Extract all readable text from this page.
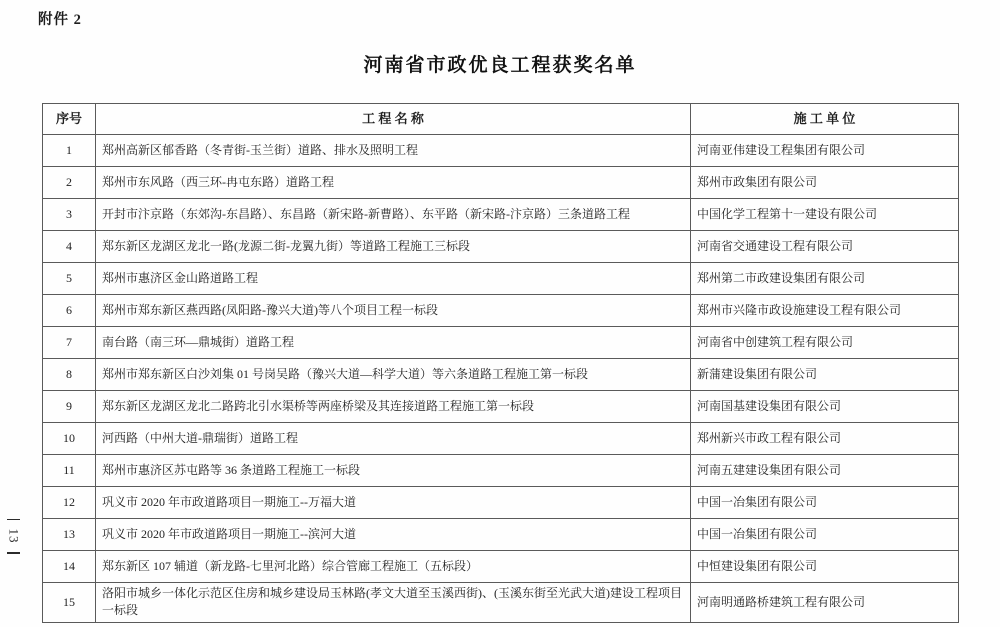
附件 2
河南省市政优良工程获奖名单
序号	工 程 名 称	施 工 单 位
1	郑州高新区郁香路（冬青街-玉兰街）道路、排水及照明工程	河南亚伟建设工程集团有限公司
2	郑州市东风路（西三环-冉屯东路）道路工程	郑州市政集团有限公司
3	开封市汴京路（东郊沟-东昌路）、东昌路（新宋路-新曹路）、东平路（新宋路-汴京路）三条道路工程	中国化学工程第十一建设有限公司
4	郑东新区龙湖区龙北一路(龙源二街-龙翼九街）等道路工程施工三标段	河南省交通建设工程有限公司
5	郑州市惠济区金山路道路工程	郑州第二市政建设集团有限公司
6	郑州市郑东新区燕西路(凤阳路-豫兴大道)等八个项目工程一标段	郑州市兴隆市政设施建设工程有限公司
7	南台路（南三环—鼎城街）道路工程	河南省中创建筑工程有限公司
8	郑州市郑东新区白沙刘集 01 号岗吴路（豫兴大道—科学大道）等六条道路工程施工第一标段	新蒲建设集团有限公司
9	郑东新区龙湖区龙北二路跨北引水渠桥等两座桥梁及其连接道路工程施工第一标段	河南国基建设集团有限公司
10	河西路（中州大道-鼎瑞街）道路工程	郑州新兴市政工程有限公司
11	郑州市惠济区苏屯路等 36 条道路工程施工一标段	河南五建建设集团有限公司
12	巩义市 2020 年市政道路项目一期施工--万福大道	中国一冶集团有限公司
13	巩义市 2020 年市政道路项目一期施工--滨河大道	中国一冶集团有限公司
14	郑东新区 107 辅道（新龙路-七里河北路）综合管廊工程施工（五标段）	中恒建设集团有限公司
15	洛阳市城乡一体化示范区住房和城乡建设局玉林路(孝文大道至玉溪西街)、(玉溪东街至光武大道)建设工程项目一标段	河南明通路桥建筑工程有限公司
13
